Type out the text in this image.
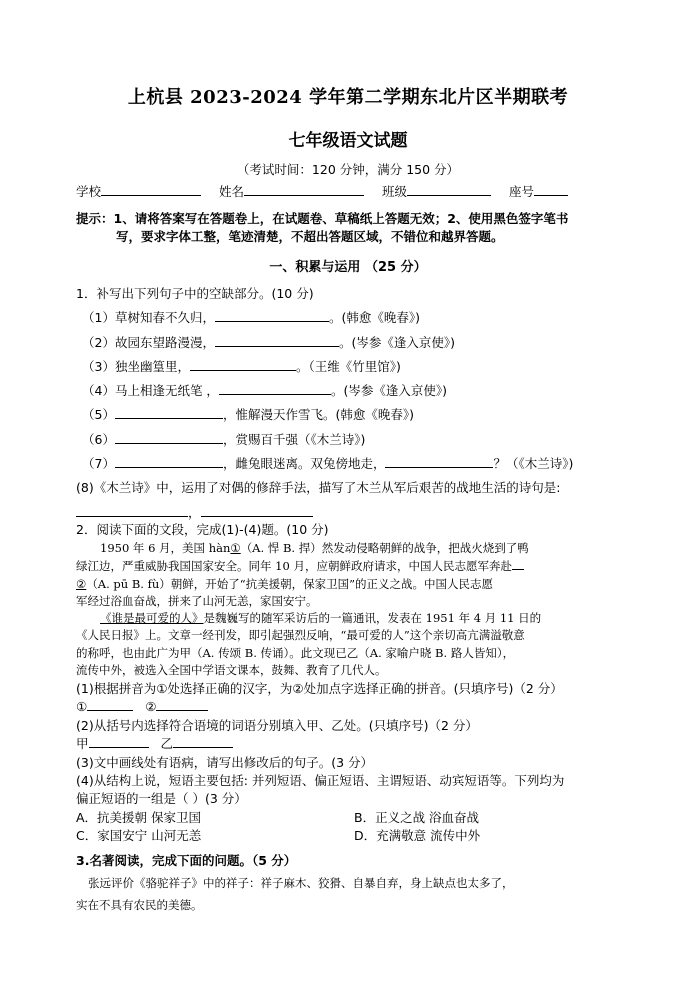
上杭县 2023-2024 学年第二学期东北片区半期联考
七年级语文试题
（考试时间：120 分钟，满分 150 分）
学校	姓名	班级	座号
提示：1、请将答案写在答题卷上，在试题卷、草稿纸上答题无效；2、使用黑色签字笔书
写，要求字体工整，笔迹清楚，不超出答题区域，不错位和越界答题。
一、积累与运用 （25 分）
1．补写出下列句子中的空缺部分。(10 分)
（1）草树知春不久归，	。(韩愈《晚春》)
（2）故园东望路漫漫，	。(岑参《逢入京使》)
（3）独坐幽篁里，	。（王维《竹里馆》)
（4）马上相逢无纸笔 ，	。(岑参《逢入京使》)
（5）	，惟解漫天作雪飞。(韩愈《晚春》)
（6）	，赏赐百千强（《木兰诗》)
（7）	，雌兔眼迷离。双兔傍地走，	？（《木兰诗》)
(8)《木兰诗》中，运用了对偶的修辞手法，描写了木兰从军后艰苦的战地生活的诗句是:
，
2．阅读下面的文段，完成(1)-(4)题。(10 分)
1950 年 6 月，美国 hàn①（A. 悍 B. 捍）然发动侵略朝鲜的战争，把战火烧到了鸭
绿江边，严重威胁我国国家安全。同年 10 月，应朝鲜政府请求，中国人民志愿军奔赴
②（A. pū B. fù）朝鲜，开始了“抗美援朝，保家卫国”的正义之战。中国人民志愿
军经过浴血奋战，拼来了山河无恙，家国安宁。
《谁是最可爱的人》是魏巍写的随军采访后的一篇通讯，发表在 1951 年 4 月 11 日的
《人民日报》上。文章一经刊发，即引起强烈反响，“最可爱的人”这个亲切高亢满溢敬意
的称呼，也由此广为甲（A. 传颂 B. 传诵）。此文现已乙（A. 家喻户晓 B. 路人皆知），
流传中外，被选入全国中学语文课本，鼓舞、教育了几代人。
(1)根据拼音为①处选择正确的汉字，为②处加点字选择正确的拼音。(只填序号)（2 分）
①	②
(2)从括号内选择符合语境的词语分别填入甲、乙处。(只填序号)（2 分）
甲	乙
(3)文中画线处有语病，请写出修改后的句子。(3 分）
(4)从结构上说，短语主要包括: 并列短语、偏正短语、主谓短语、动宾短语等。下列均为
偏正短语的一组是（ ）(3 分）
A．抗美援朝 保家卫国	B．正义之战 浴血奋战
C．家国安宁 山河无恙	D．充满敬意 流传中外
3.名著阅读，完成下面的问题。（5 分）
张远评价《骆驼祥子》中的祥子：祥子麻木、狡猾、自暴自弃，身上缺点也太多了，
实在不具有农民的美德。
